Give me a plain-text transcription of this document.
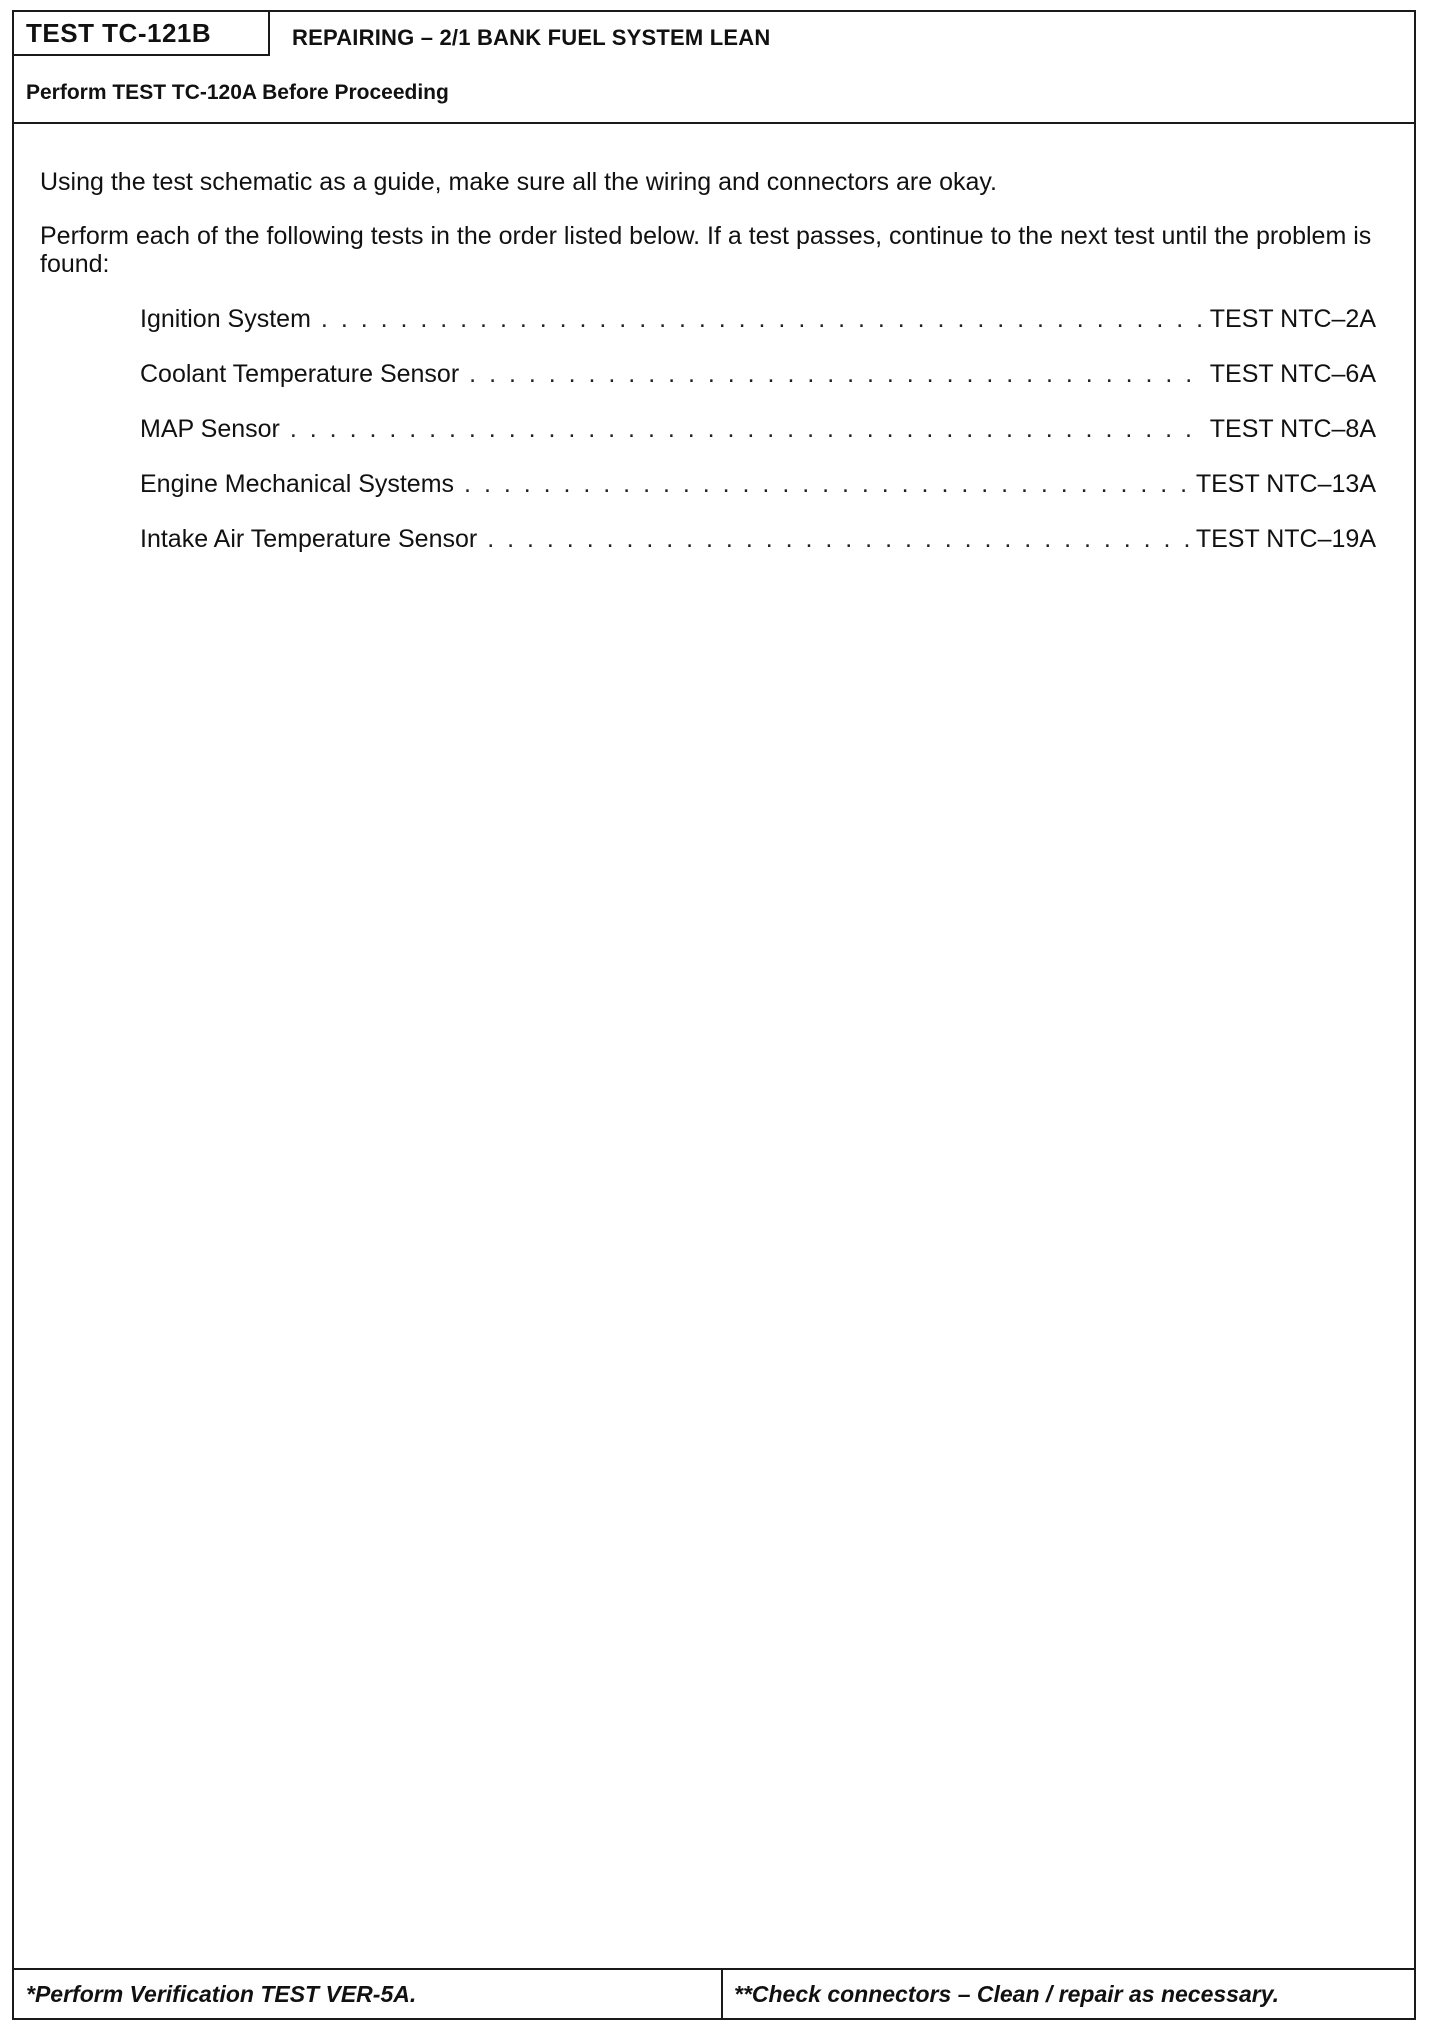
TEST TC-121B	REPAIRING – 2/1 BANK FUEL SYSTEM LEAN
Perform TEST TC-120A Before Proceeding
Using the test schematic as a guide, make sure all the wiring and connectors are okay.
Perform each of the following tests in the order listed below. If a test passes, continue to the next test until the problem is found:
Ignition System . . .	TEST NTC–2A
Coolant Temperature Sensor . . .	TEST NTC–6A
MAP Sensor . . .	TEST NTC–8A
Engine Mechanical Systems . . .	TEST NTC–13A
Intake Air Temperature Sensor . . .	TEST NTC–19A
*Perform Verification TEST VER-5A.	**Check connectors – Clean / repair as necessary.
